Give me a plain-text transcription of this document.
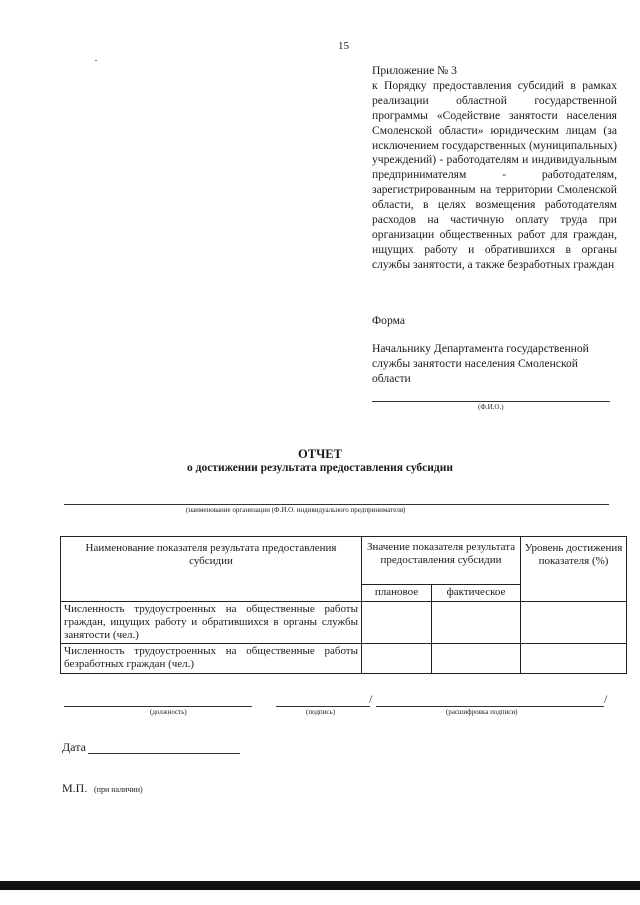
15
Приложение № 3
к Порядку предоставления субсидий в рамках реализации областной государственной программы «Содействие занятости населения Смоленской области» юридическим лицам (за исключением государственных (муниципальных) учреждений) - работодателям и индивидуальным предпринимателям - работодателям, зарегистрированным на территории Смоленской области, в целях возмещения работодателям расходов на частичную оплату труда при организации общественных работ для граждан, ищущих работу и обратившихся в органы службы занятости, а также безработных граждан
Форма
Начальнику Департамента государственной службы занятости населения Смоленской области
(Ф.И.О.)
ОТЧЕТ
о достижении результата предоставления субсидии
(наименование организации (Ф.И.О. индивидуального предпринимателя)
Наименование показателя результата предоставления субсидии	Значение показателя результата предоставления субсидии		Уровень достижения показателя (%)
	плановое	фактическое	
Численность трудоустроенных на общественные работы граждан, ищущих работу и обратившихся в органы службы занятости (чел.)			
Численность трудоустроенных на общественные работы безработных граждан (чел.)			
(должность)	(подпись)
/
(расшифровка подписи)
/
Дата
М.П. (при наличии)
